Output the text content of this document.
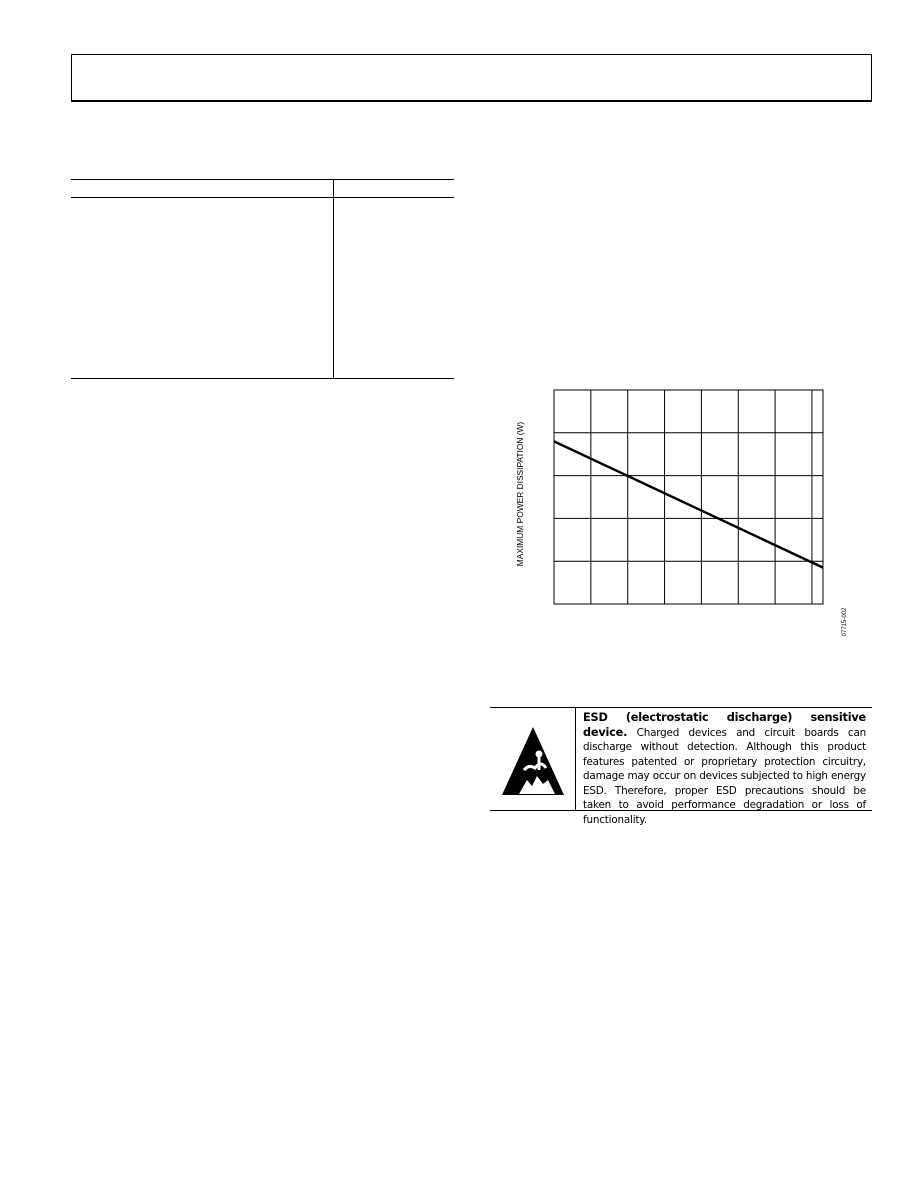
MAXIMUM POWER DISSIPATION (W)
07715-002
ESD (electrostatic discharge) sensitive device. Charged devices and circuit boards can discharge without detection. Although this product features patented or proprietary protection circuitry, damage may occur on devices subjected to high energy ESD. Therefore, proper ESD precautions should be taken to avoid performance degradation or loss of functionality.
